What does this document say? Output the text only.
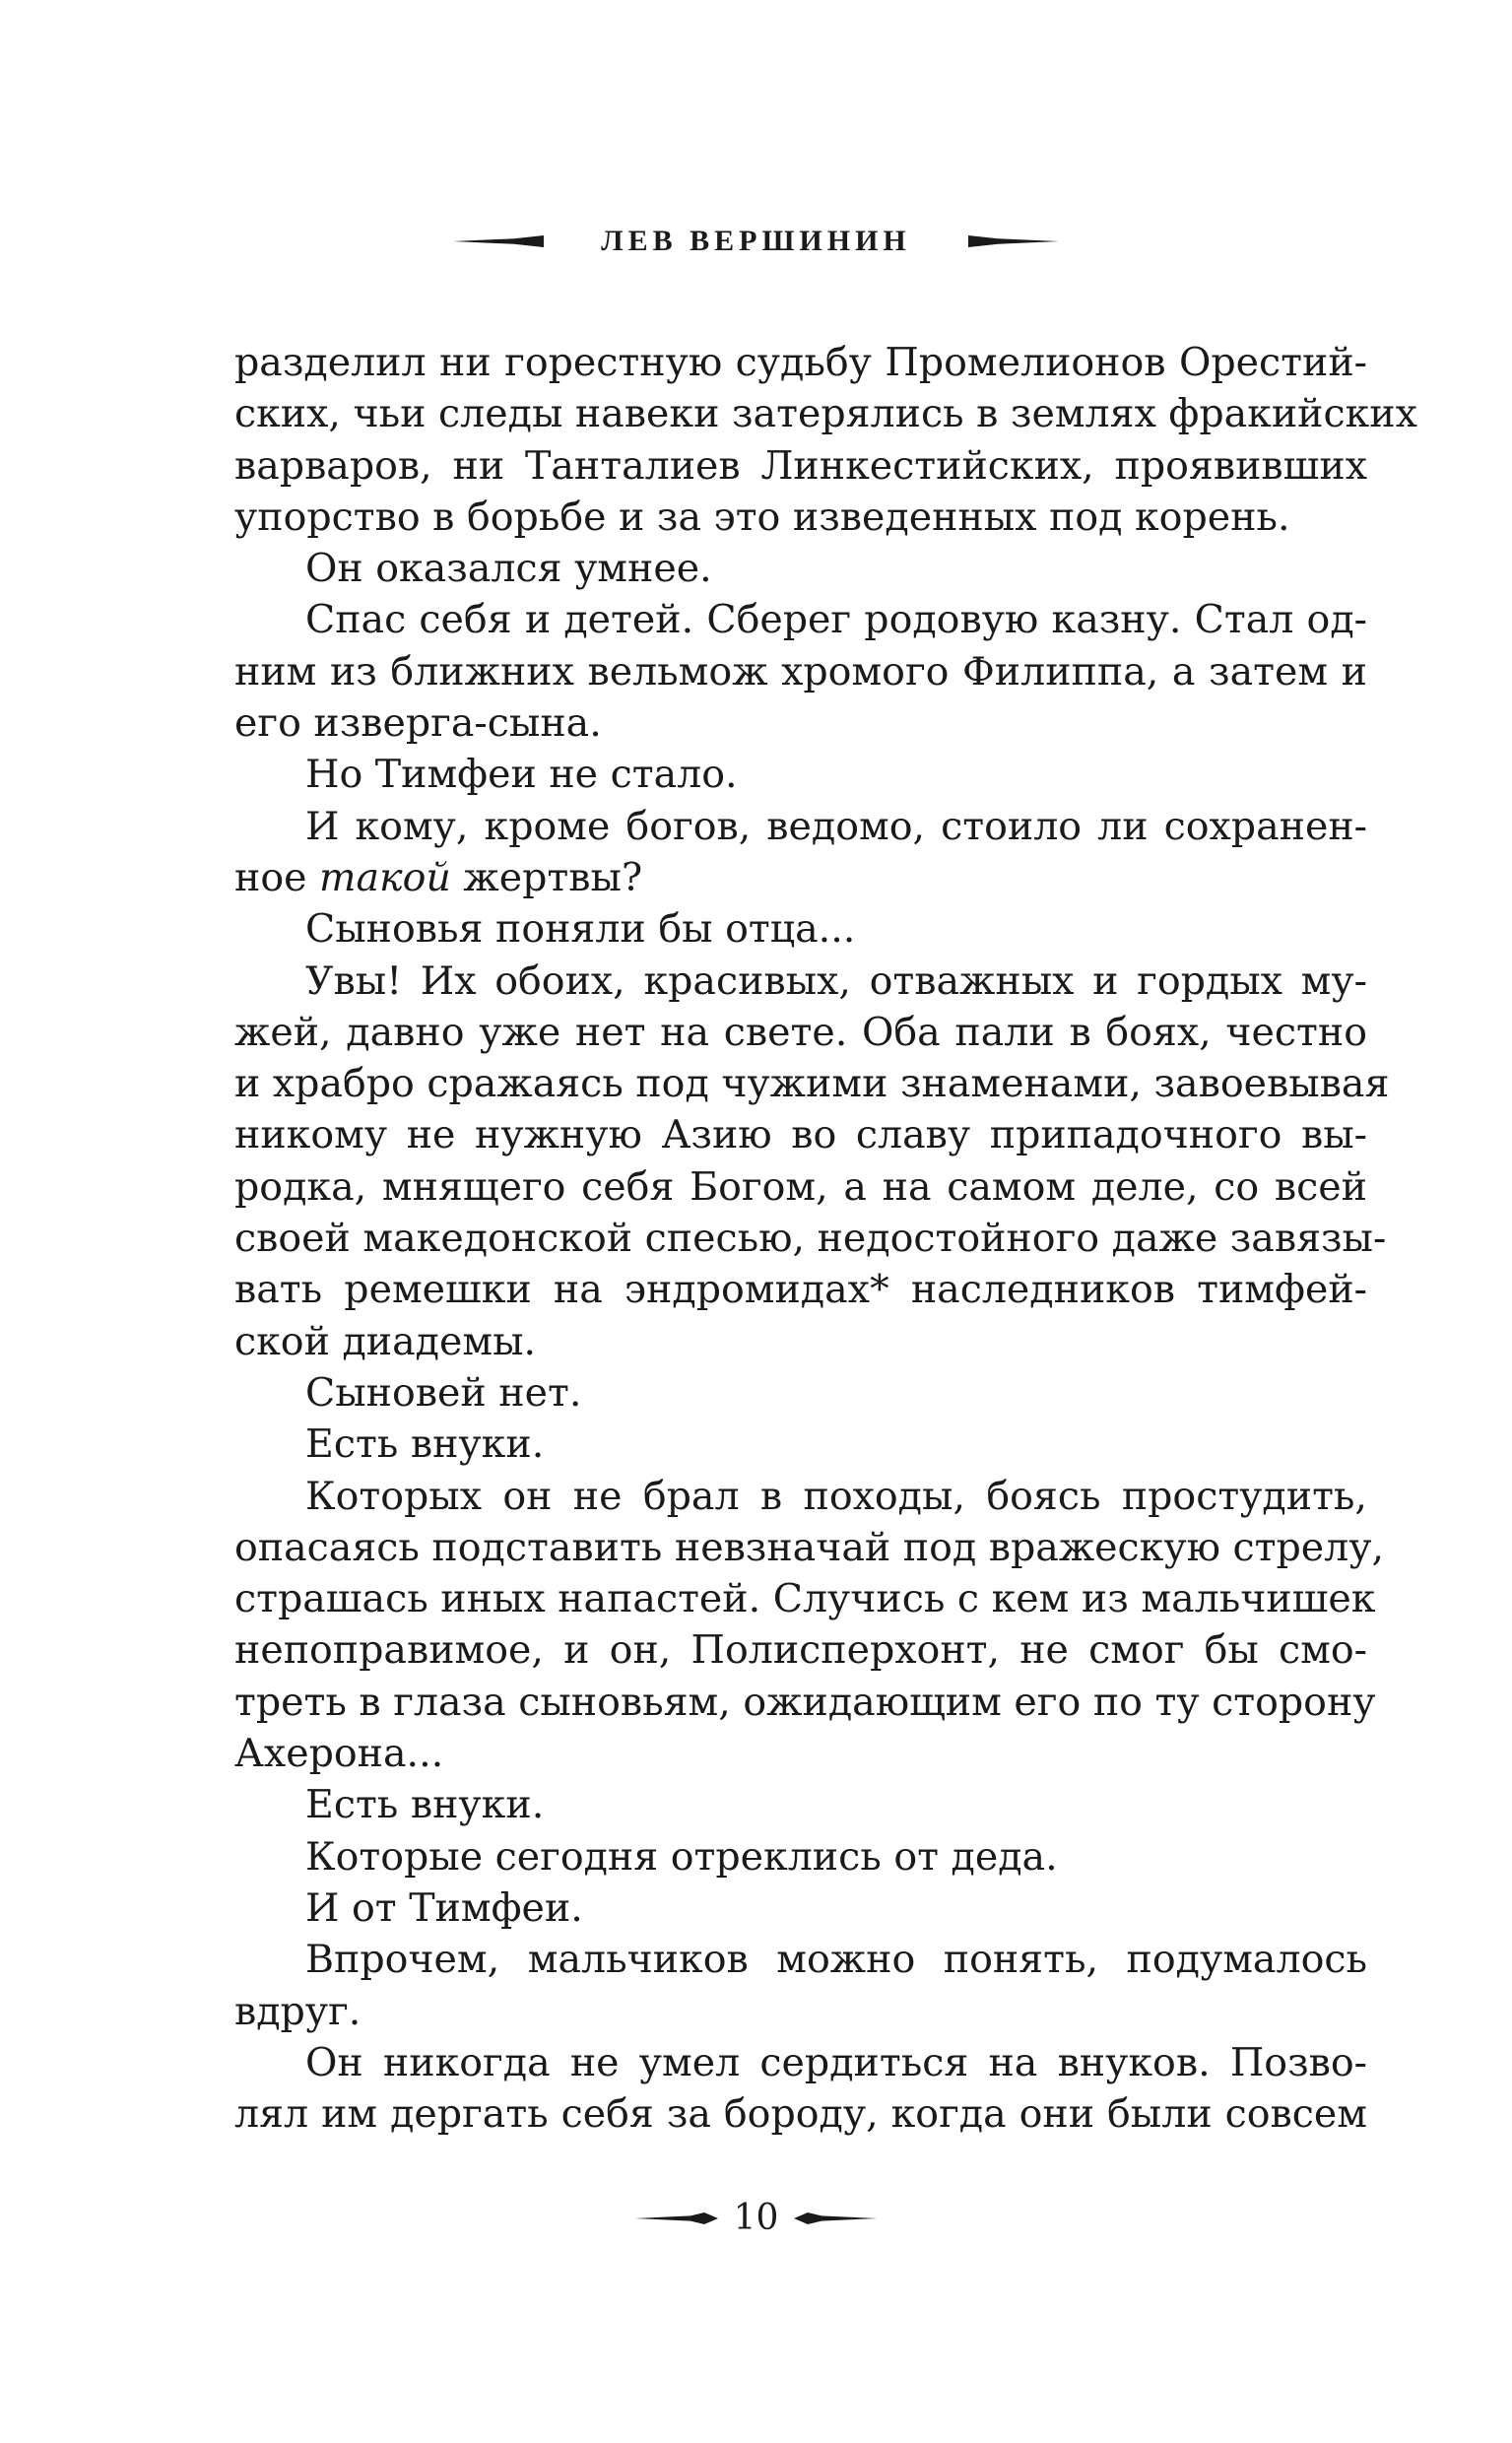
ЛЕВ ВЕРШИНИН
разделил ни горестную судьбу Промелионов Орестий-
ских, чьи следы навеки затерялись в землях фракийских
варваров, ни Танталиев Линкестийских, проявивших
упорство в борьбе и за это изведенных под корень.
Он оказался умнее.
Спас себя и детей. Сберег родовую казну. Стал од-
ним из ближних вельмож хромого Филиппа, а затем и
его изверга-сына.
Но Тимфеи не стало.
И кому, кроме богов, ведомо, стоило ли сохранен-
ное такой жертвы?
Сыновья поняли бы отца...
Увы! Их обоих, красивых, отважных и гордых му-
жей, давно уже нет на свете. Оба пали в боях, честно
и храбро сражаясь под чужими знаменами, завоевывая
никому не нужную Азию во славу припадочного вы-
родка, мнящего себя Богом, а на самом деле, со всей
своей македонской спесью, недостойного даже завязы-
вать ремешки на эндромидах* наследников тимфей-
ской диадемы.
Сыновей нет.
Есть внуки.
Которых он не брал в походы, боясь простудить,
опасаясь подставить невзначай под вражескую стрелу,
страшась иных напастей. Случись с кем из мальчишек
непоправимое, и он, Полисперхонт, не смог бы смо-
треть в глаза сыновьям, ожидающим его по ту сторону
Ахерона...
Есть внуки.
Которые сегодня отреклись от деда.
И от Тимфеи.
Впрочем, мальчиков можно понять, подумалось
вдруг.
Он никогда не умел сердиться на внуков. Позво-
лял им дергать себя за бороду, когда они были совсем
10
